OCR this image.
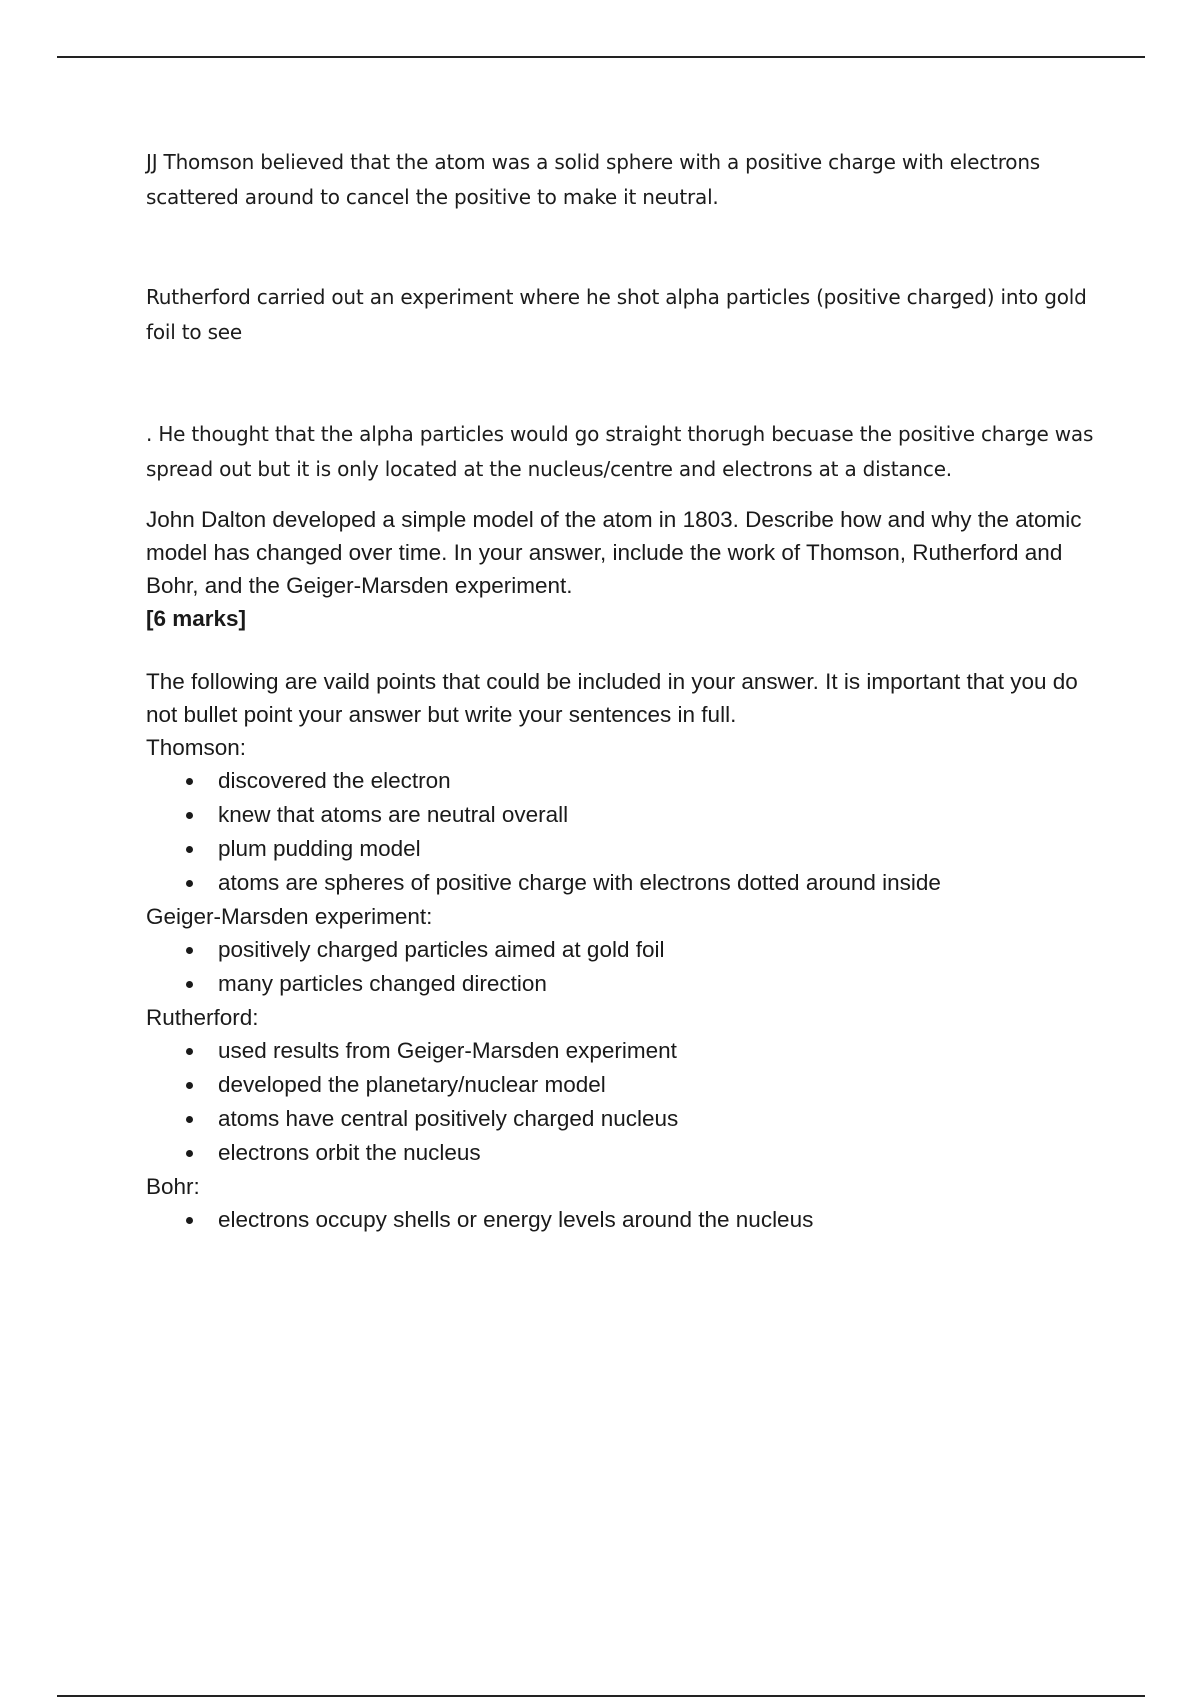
JJ Thomson believed that the atom was a solid sphere with a positive charge with electrons scattered around to cancel the positive to make it neutral.

Rutherford carried out an experiment where he shot alpha particles (positive charged) into gold foil to see

. He thought that the alpha particles would go straight thorugh becuase the positive charge was spread out but it is only located at the nucleus/centre and electrons at a distance.

John Dalton developed a simple model of the atom in 1803. Describe how and why the atomic model has changed over time. In your answer, include the work of Thomson, Rutherford and Bohr, and the Geiger-Marsden experiment.

[6 marks]

The following are vaild points that could be included in your answer. It is important that you do not bullet point your answer but write your sentences in full.

Thomson:

discovered the electron
knew that atoms are neutral overall
plum pudding model
atoms are spheres of positive charge with electrons dotted around inside

Geiger-Marsden experiment:

positively charged particles aimed at gold foil
many particles changed direction

Rutherford:

used results from Geiger-Marsden experiment
developed the planetary/nuclear model
atoms have central positively charged nucleus
electrons orbit the nucleus

Bohr:

electrons occupy shells or energy levels around the nucleus
